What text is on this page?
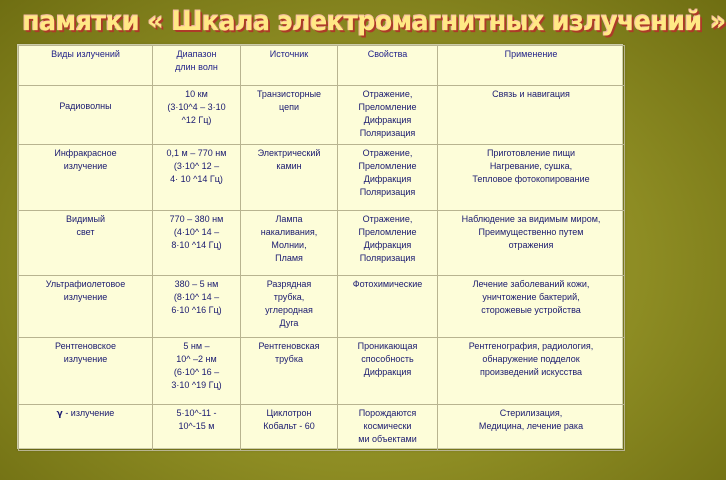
памятки « Шкала электромагнитных излучений »
Виды излучений	Диапазон
длин волн	Источник	Свойства	Применение

Радиоволны	10 км
(3·10^4 – 3·10
^12 Гц)	Транзисторные
цепи	Отражение,
Преломление
Дифракция
Поляризация	Связь и навигация

Инфракрасное
излучение	0,1 м – 770 нм
(3·10^ 12 –
4· 10 ^14 Гц)	Электрический
камин	Отражение,
Преломление
Дифракция
Поляризация	Приготовление пищи
Нагревание, сушка,
Тепловое фотокопирование

Видимый
свет	770 – 380 нм
(4·10^ 14 –
8·10 ^14 Гц)	Лампа
накаливания,
Молнии,
Пламя	Отражение,
Преломление
Дифракция
Поляризация	Наблюдение за видимым миром,
Преимущественно путем
отражения

Ультрафиолетовое
излучение	380 – 5 нм
(8·10^ 14 –
6·10 ^16 Гц)	Разрядная
трубка,
углеродная
Дуга	Фотохимические	Лечение заболеваний кожи,
уничтожение бактерий,
сторожевые устройства

Рентгеновское
излучение	5 нм –
10^ –2 нм
(6·10^ 16 –
3·10 ^19 Гц)	Рентгеновская
трубка	Проникающая
способность
Дифракция	Рентгенография, радиология,
обнаружение подделок
произведений искусства

γ - излучение	5·10^-11 -
10^-15 м	Циклотрон
Кобальт - 60	Порождаются
космически
ми объектами	Стерилизация,
Медицина, лечение рака
